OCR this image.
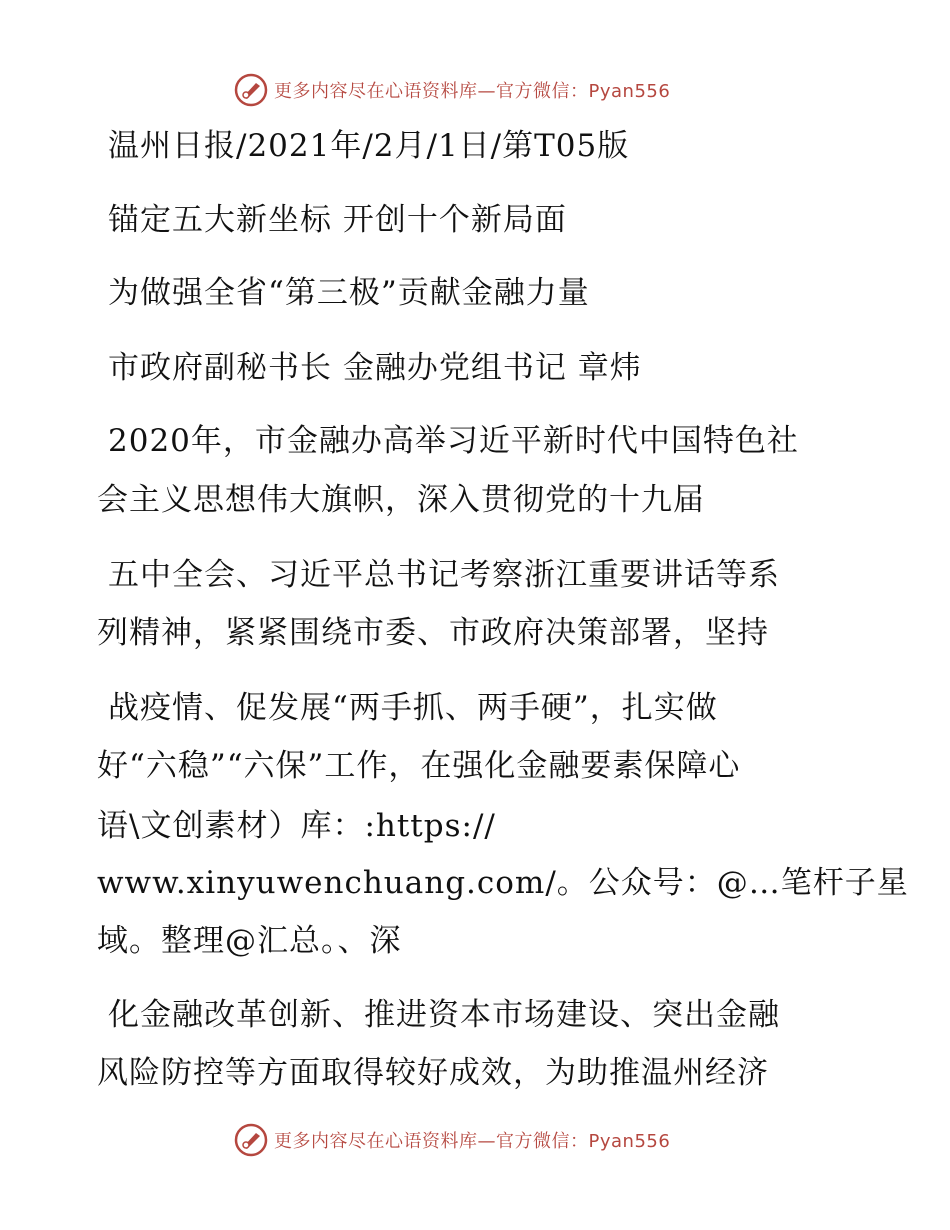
更多内容尽在心语资料库—官方微信：Pyan556
温州日报/2021年/2月/1日/第T05版
锚定五大新坐标 开创十个新局面
为做强全省“第三极”贡献金融力量
市政府副秘书长 金融办党组书记 章炜
2020年，市金融办高举习近平新时代中国特色社
会主义思想伟大旗帜，深入贯彻党的十九届
五中全会、习近平总书记考察浙江重要讲话等系
列精神，紧紧围绕市委、市政府决策部署，坚持
战疫情、促发展“两手抓、两手硬”，扎实做
好“六稳”“六保”工作，在强化金融要素保障心
语\文创素材）库：:https://
www.xinyuwenchuang.com/。公众号：@…笔杆子星
域。整理@汇总。、深
化金融改革创新、推进资本市场建设、突出金融
风险防控等方面取得较好成效，为助推温州经济
更多内容尽在心语资料库—官方微信：Pyan556
